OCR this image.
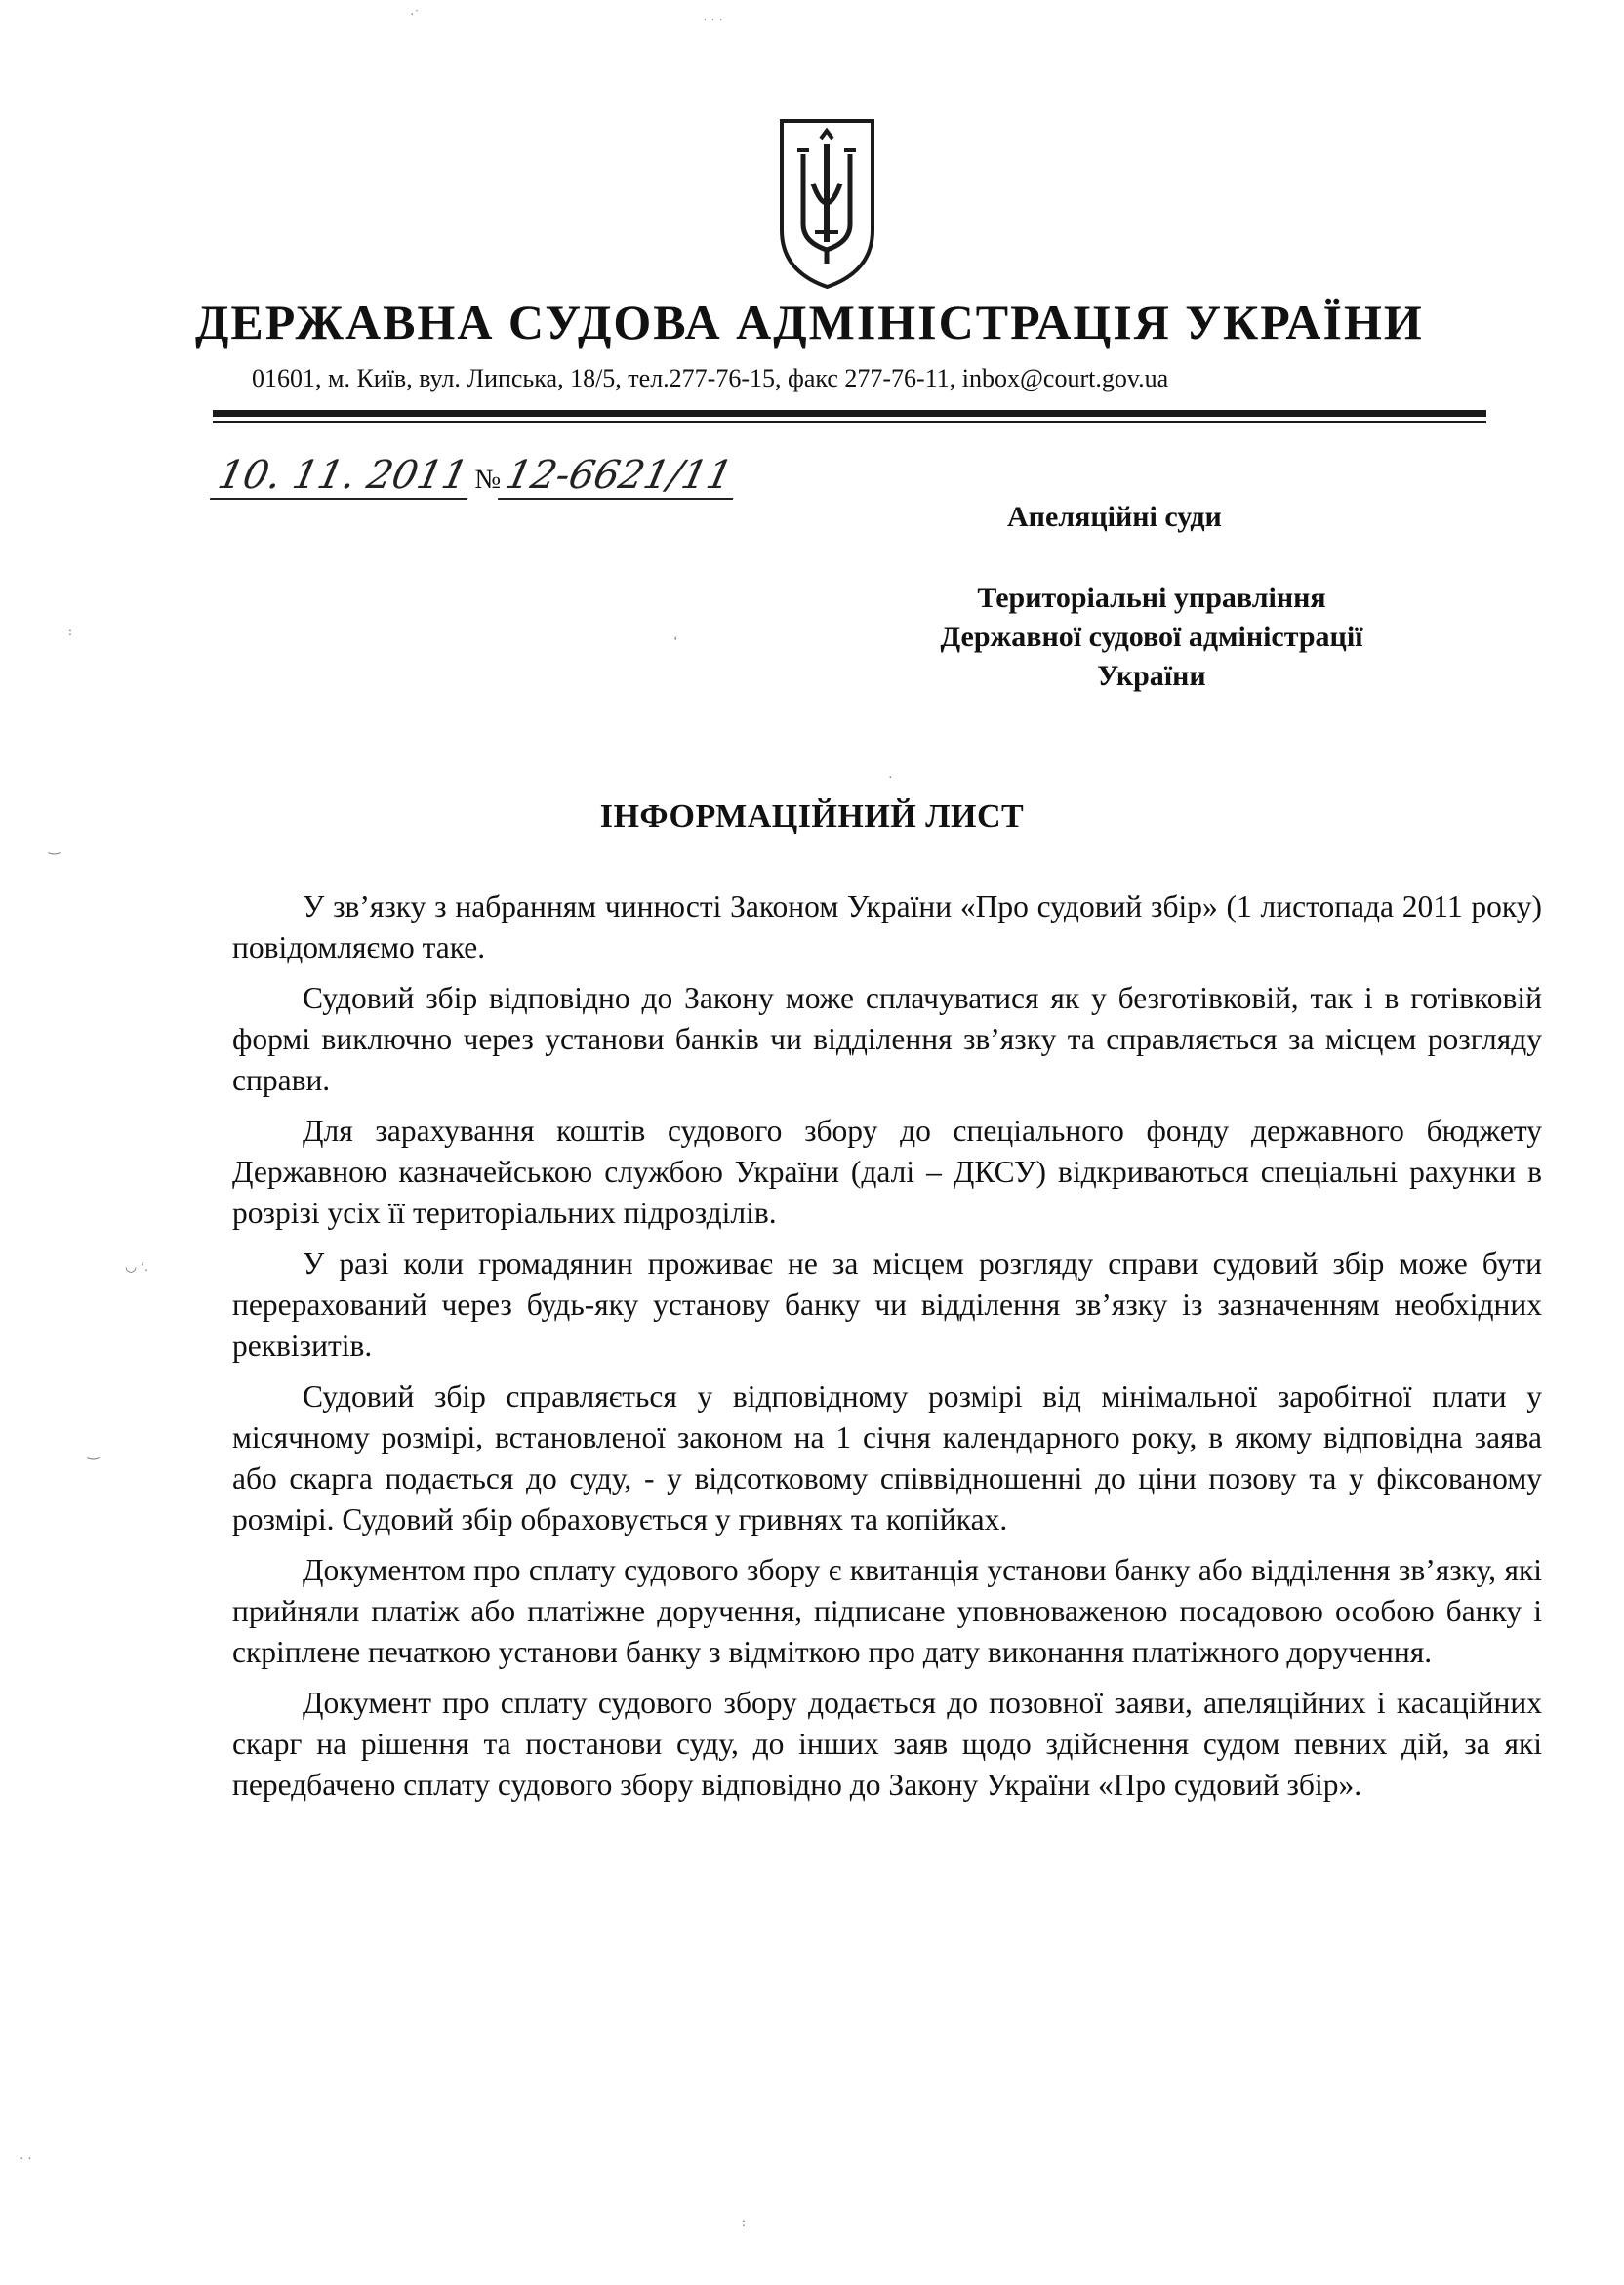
·˙	· · ·
:
‿
◡ ‘.
‿
‘
·
· ·
:
ДЕРЖАВНА СУДОВА АДМІНІСТРАЦІЯ УКРАЇНИ
01601, м. Київ, вул. Липська, 18/5, тел.277-76-15, факс 277-76-11, inbox@court.gov.ua
10. 11. 2011 №12-6621/11
Апеляційні суди
Територіальні управління
Державної судової адміністрації
України
ІНФОРМАЦІЙНИЙ ЛИСТ

У зв’язку з набранням чинності Законом України «Про судовий збір» (1 листопада 2011 року) повідомляємо таке.

Судовий збір відповідно до Закону може сплачуватися як у безготівковій, так і в готівковій формі виключно через установи банків чи відділення зв’язку та справляється за місцем розгляду справи.

Для зарахування коштів судового збору до спеціального фонду державного бюджету Державною казначейською службою України (далі – ДКСУ) відкриваються спеціальні рахунки в розрізі усіх її територіальних підрозділів.

У разі коли громадянин проживає не за місцем розгляду справи судовий збір може бути перерахований через будь-яку установу банку чи відділення зв’язку із зазначенням необхідних реквізитів.

Судовий збір справляється у відповідному розмірі від мінімальної заробітної плати у місячному розмірі, встановленої законом на 1 січня календарного року, в якому відповідна заява або скарга подається до суду, - у відсотковому співвідношенні до ціни позову та у фіксованому розмірі. Судовий збір обраховується у гривнях та копійках.

Документом про сплату судового збору є квитанція установи банку або відділення зв’язку, які прийняли платіж або платіжне доручення, підписане уповноваженою посадовою особою банку і скріплене печаткою установи банку з відміткою про дату виконання платіжного доручення.

Документ про сплату судового збору додається до позовної заяви, апеляційних і касаційних скарг на рішення та постанови суду, до інших заяв щодо здійснення судом певних дій, за які передбачено сплату судового збору відповідно до Закону України «Про судовий збір».
